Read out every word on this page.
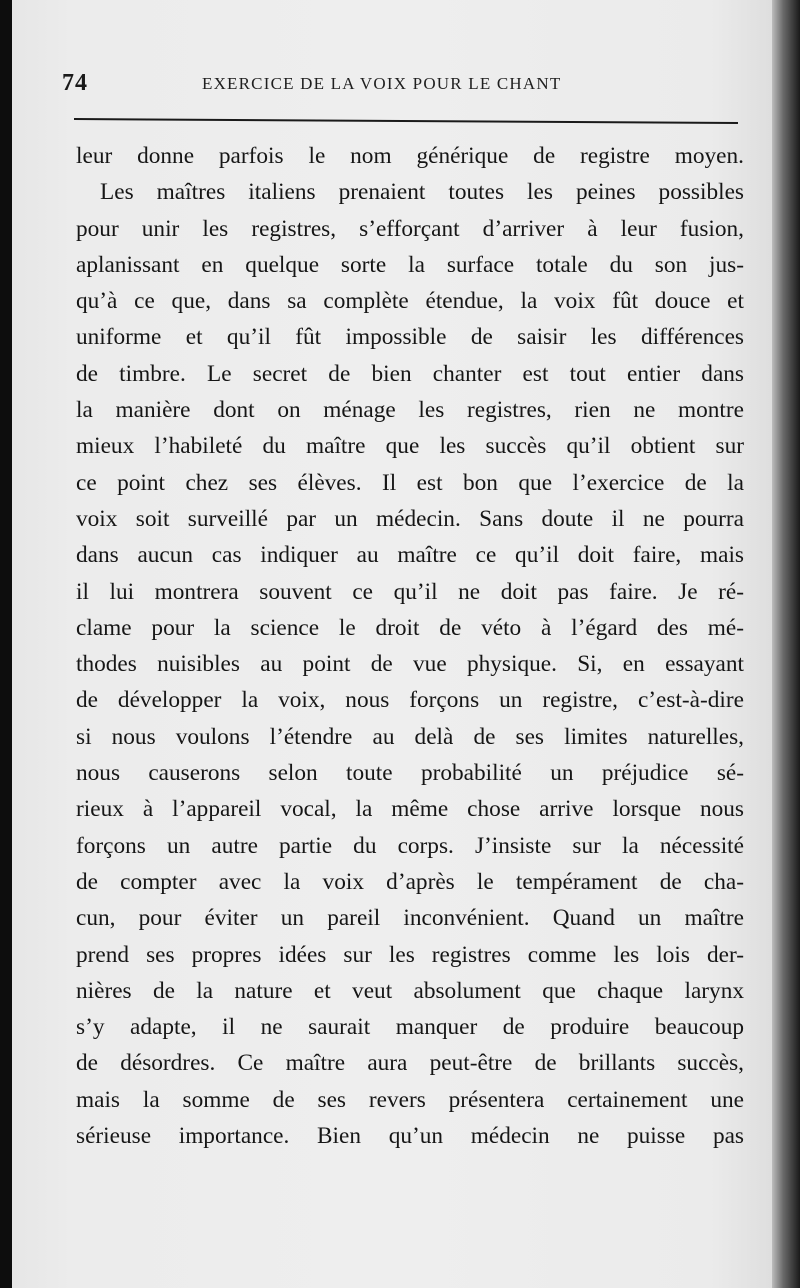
74	EXERCICE DE LA VOIX POUR LE CHANT
leur donne parfois le nom générique de registre moyen.
Les maîtres italiens prenaient toutes les peines possibles
pour unir les registres, s’efforçant d’arriver à leur fusion,
aplanissant en quelque sorte la surface totale du son jus-
qu’à ce que, dans sa complète étendue, la voix fût douce et
uniforme et qu’il fût impossible de saisir les différences
de timbre. Le secret de bien chanter est tout entier dans
la manière dont on ménage les registres, rien ne montre
mieux l’habileté du maître que les succès qu’il obtient sur
ce point chez ses élèves. Il est bon que l’exercice de la
voix soit surveillé par un médecin. Sans doute il ne pourra
dans aucun cas indiquer au maître ce qu’il doit faire, mais
il lui montrera souvent ce qu’il ne doit pas faire. Je ré-
clame pour la science le droit de véto à l’égard des mé-
thodes nuisibles au point de vue physique. Si, en essayant
de développer la voix, nous forçons un registre, c’est-à-dire
si nous voulons l’étendre au delà de ses limites naturelles,
nous causerons selon toute probabilité un préjudice sé-
rieux à l’appareil vocal, la même chose arrive lorsque nous
forçons un autre partie du corps. J’insiste sur la nécessité
de compter avec la voix d’après le tempérament de cha-
cun, pour éviter un pareil inconvénient. Quand un maître
prend ses propres idées sur les registres comme les lois der-
nières de la nature et veut absolument que chaque larynx
s’y adapte, il ne saurait manquer de produire beaucoup
de désordres. Ce maître aura peut-être de brillants succès,
mais la somme de ses revers présentera certainement une
sérieuse importance. Bien qu’un médecin ne puisse pas
